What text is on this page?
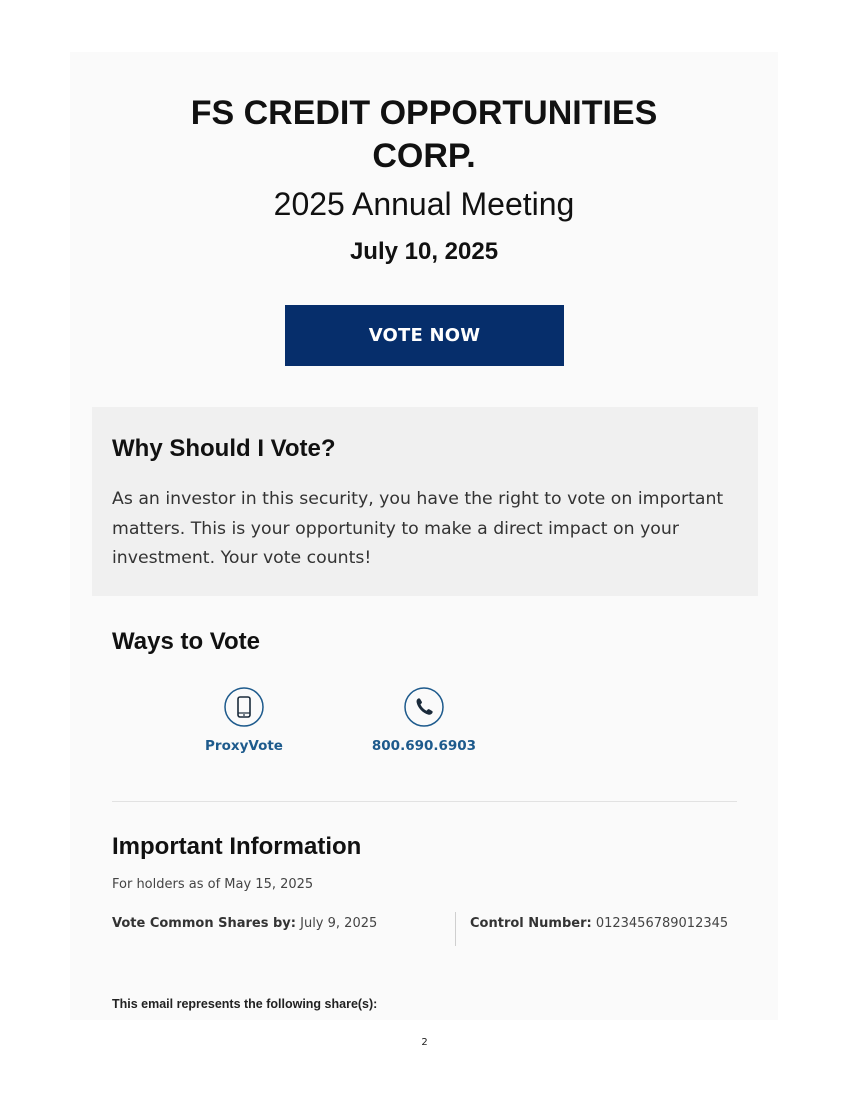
FS CREDIT OPPORTUNITIES
CORP.
2025 Annual Meeting
July 10, 2025
VOTE NOW
Why Should I Vote?
As an investor in this security, you have the right to vote on important matters. This is your opportunity to make a direct impact on your investment. Your vote counts!
Ways to Vote
ProxyVote	800.690.6903
Important Information
For holders as of May 15, 2025
Vote Common Shares by: July 9, 2025	Control Number: 0123456789012345
This email represents the following share(s):
2
